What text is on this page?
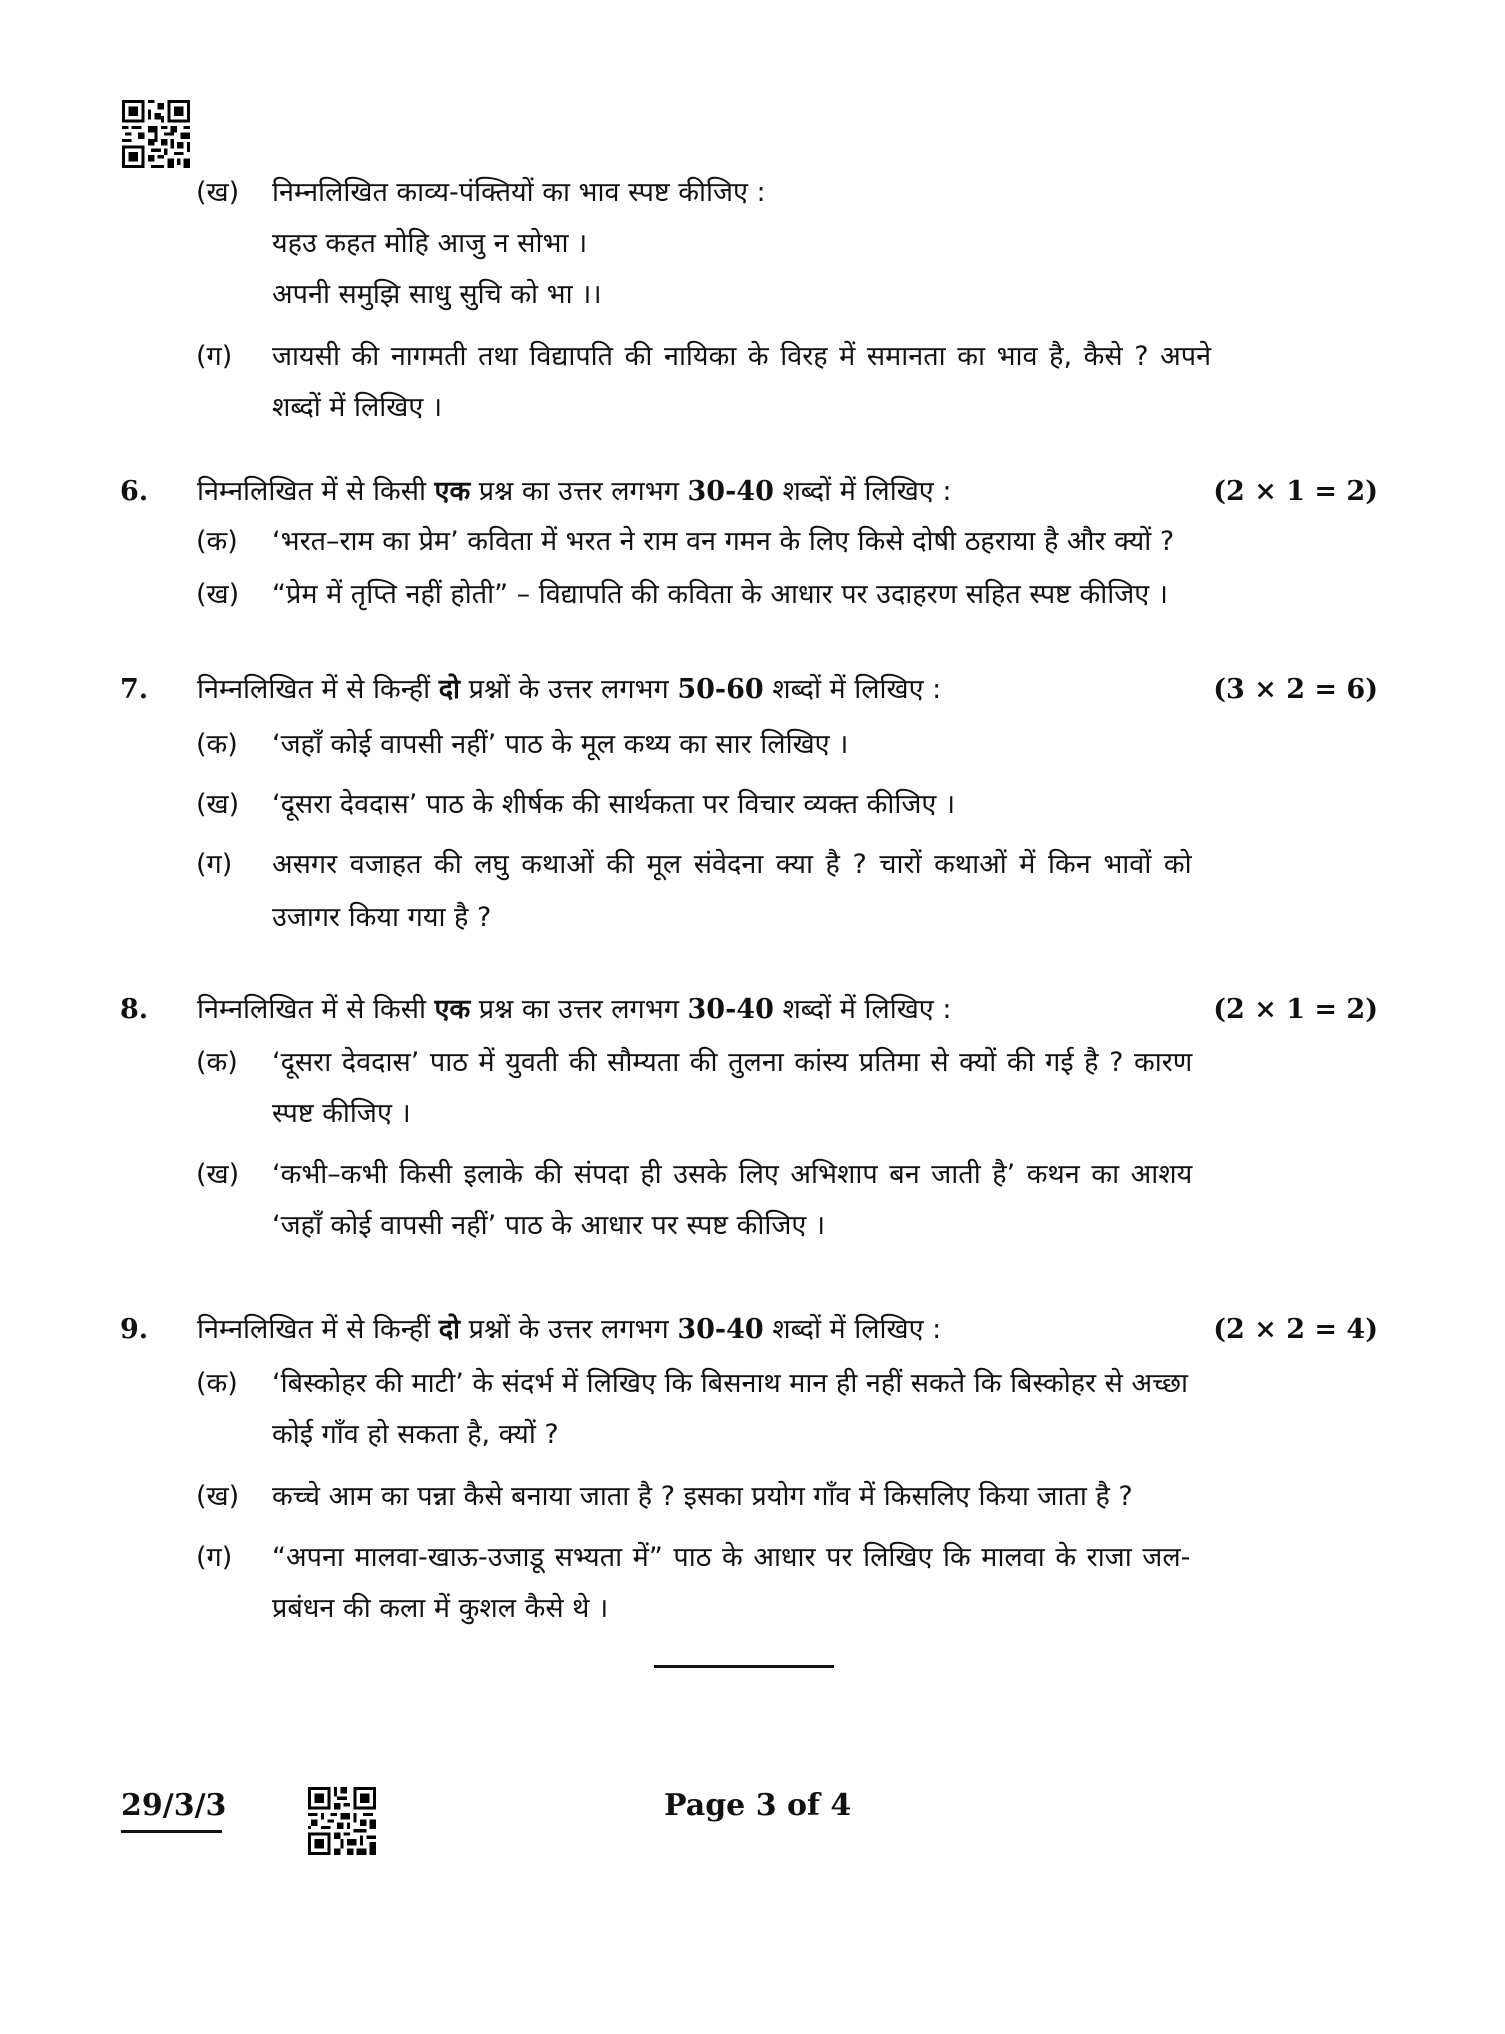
(ख) निम्नलिखित काव्य-पंक्तियों का भाव स्पष्ट कीजिए :
यहउ कहत मोहि आजु न सोभा ।
अपनी समुझि साधु सुचि को भा ।।
(ग) जायसी की नागमती तथा विद्यापति की नायिका के विरह में समानता का भाव है, कैसे ? अपने
शब्दों में लिखिए ।
6. निम्नलिखित में से किसी एक प्रश्न का उत्तर लगभग 30-40 शब्दों में लिखिए :	(2 × 1 = 2)
(क) ‘भरत–राम का प्रेम’ कविता में भरत ने राम वन गमन के लिए किसे दोषी ठहराया है और क्यों ?
(ख) “प्रेम में तृप्ति नहीं होती” – विद्यापति की कविता के आधार पर उदाहरण सहित स्पष्ट कीजिए ।
7. निम्नलिखित में से किन्हीं दो प्रश्नों के उत्तर लगभग 50-60 शब्दों में लिखिए :	(3 × 2 = 6)
(क) ‘जहाँ कोई वापसी नहीं’ पाठ के मूल कथ्य का सार लिखिए ।
(ख) ‘दूसरा देवदास’ पाठ के शीर्षक की सार्थकता पर विचार व्यक्त कीजिए ।
(ग) असगर वजाहत की लघु कथाओं की मूल संवेदना क्या है ? चारों कथाओं में किन भावों को
उजागर किया गया है ?
8. निम्नलिखित में से किसी एक प्रश्न का उत्तर लगभग 30-40 शब्दों में लिखिए :	(2 × 1 = 2)
(क) ‘दूसरा देवदास’ पाठ में युवती की सौम्यता की तुलना कांस्य प्रतिमा से क्यों की गई है ? कारण
स्पष्ट कीजिए ।
(ख) ‘कभी–कभी किसी इलाके की संपदा ही उसके लिए अभिशाप बन जाती है’ कथन का आशय
‘जहाँ कोई वापसी नहीं’ पाठ के आधार पर स्पष्ट कीजिए ।
9. निम्नलिखित में से किन्हीं दो प्रश्नों के उत्तर लगभग 30-40 शब्दों में लिखिए :	(2 × 2 = 4)
(क) ‘बिस्कोहर की माटी’ के संदर्भ में लिखिए कि बिसनाथ मान ही नहीं सकते कि बिस्कोहर से अच्छा
कोई गाँव हो सकता है, क्यों ?
(ख) कच्चे आम का पन्ना कैसे बनाया जाता है ? इसका प्रयोग गाँव में किसलिए किया जाता है ?
(ग) “अपना मालवा-खाऊ-उजाडू सभ्यता में” पाठ के आधार पर लिखिए कि मालवा के राजा जल-
प्रबंधन की कला में कुशल कैसे थे ।
29/3/3	Page 3 of 4
